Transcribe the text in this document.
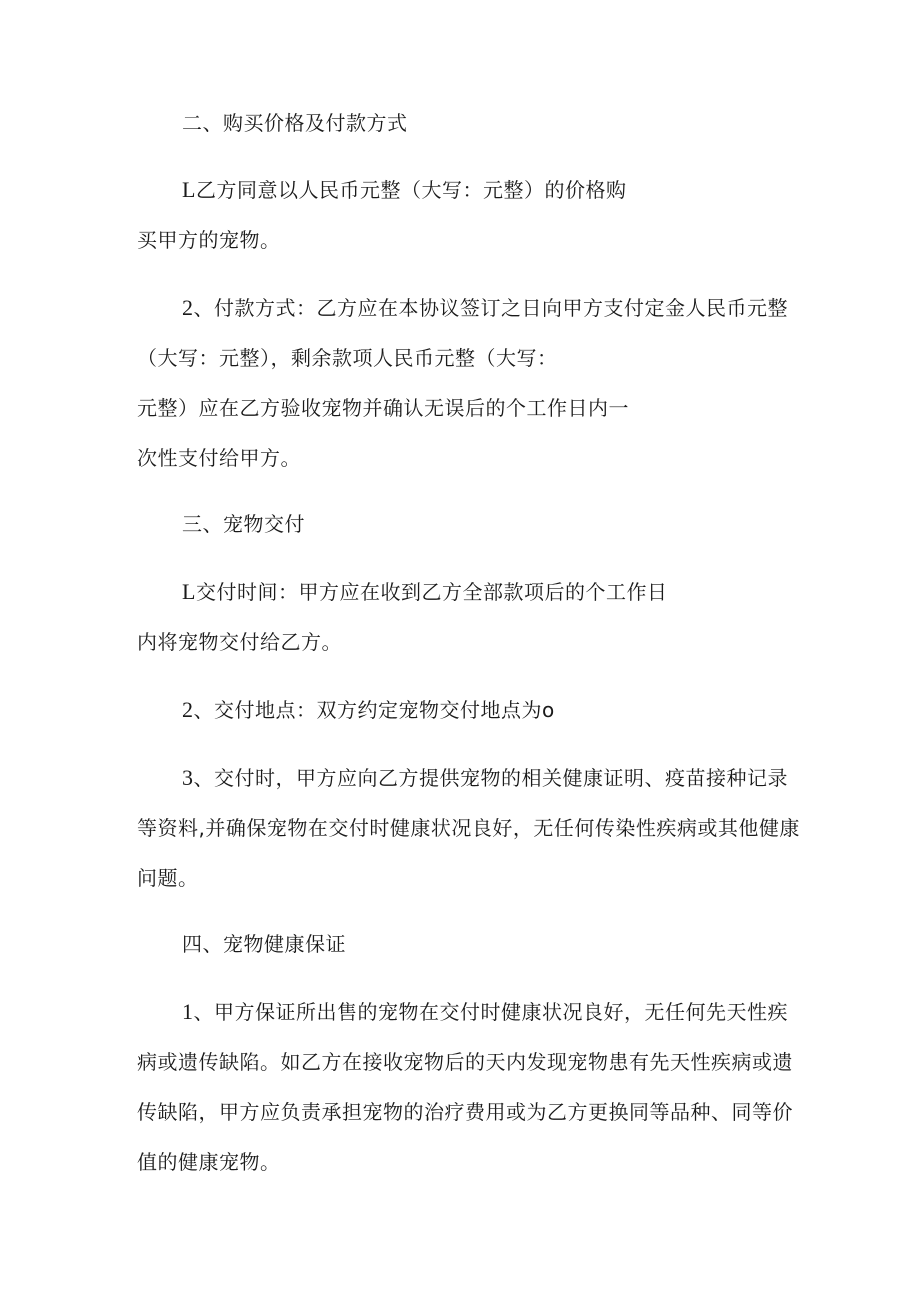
二、购买价格及付款方式
L乙方同意以人民币元整（大写：元整）的价格购
买甲方的宠物。
2、付款方式：乙方应在本协议签订之日向甲方支付定金人民币元整
（大写：元整），剩余款项人民币元整（大写：
元整）应在乙方验收宠物并确认无误后的个工作日内一
次性支付给甲方。
三、宠物交付
L交付时间：甲方应在收到乙方全部款项后的个工作日
内将宠物交付给乙方。
2、交付地点：双方约定宠物交付地点为o
3、交付时，甲方应向乙方提供宠物的相关健康证明、疫苗接种记录
等资料,并确保宠物在交付时健康状况良好，无任何传染性疾病或其他健康
问题。
四、宠物健康保证
1、甲方保证所出售的宠物在交付时健康状况良好，无任何先天性疾
病或遗传缺陷。如乙方在接收宠物后的天内发现宠物患有先天性疾病或遗
传缺陷，甲方应负责承担宠物的治疗费用或为乙方更换同等品种、同等价
值的健康宠物。
